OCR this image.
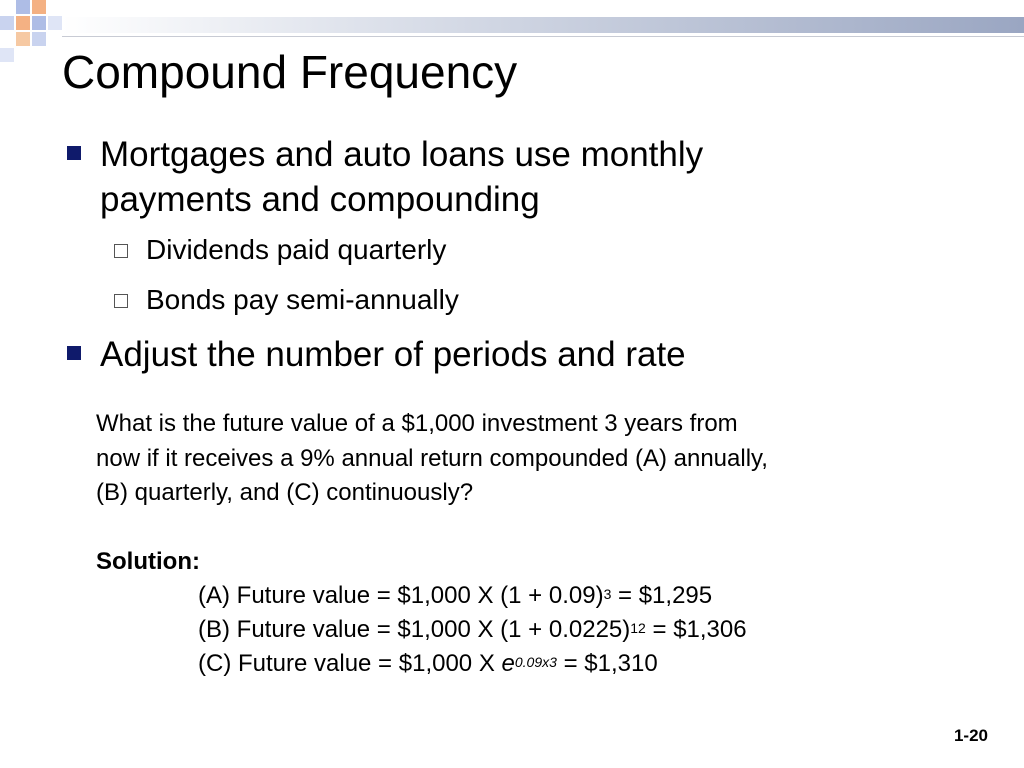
Compound Frequency
Mortgages and auto loans use monthly
payments and compounding
Dividends paid quarterly
Bonds pay semi-annually
Adjust the number of periods and rate
What is the future value of a $1,000 investment 3 years from
now if it receives a 9% annual return compounded (A) annually,
(B) quarterly, and (C) continuously?
Solution:
(A) Future value = $1,000 X $(1 + 0.09)^3$ = $1,295
(B) Future value = $1,000 X $(1 + 0.0225)^{12}$ = $1,306
(C) Future value = $1,000 X $e^{0.09x3}$ = $1,310
1-20
